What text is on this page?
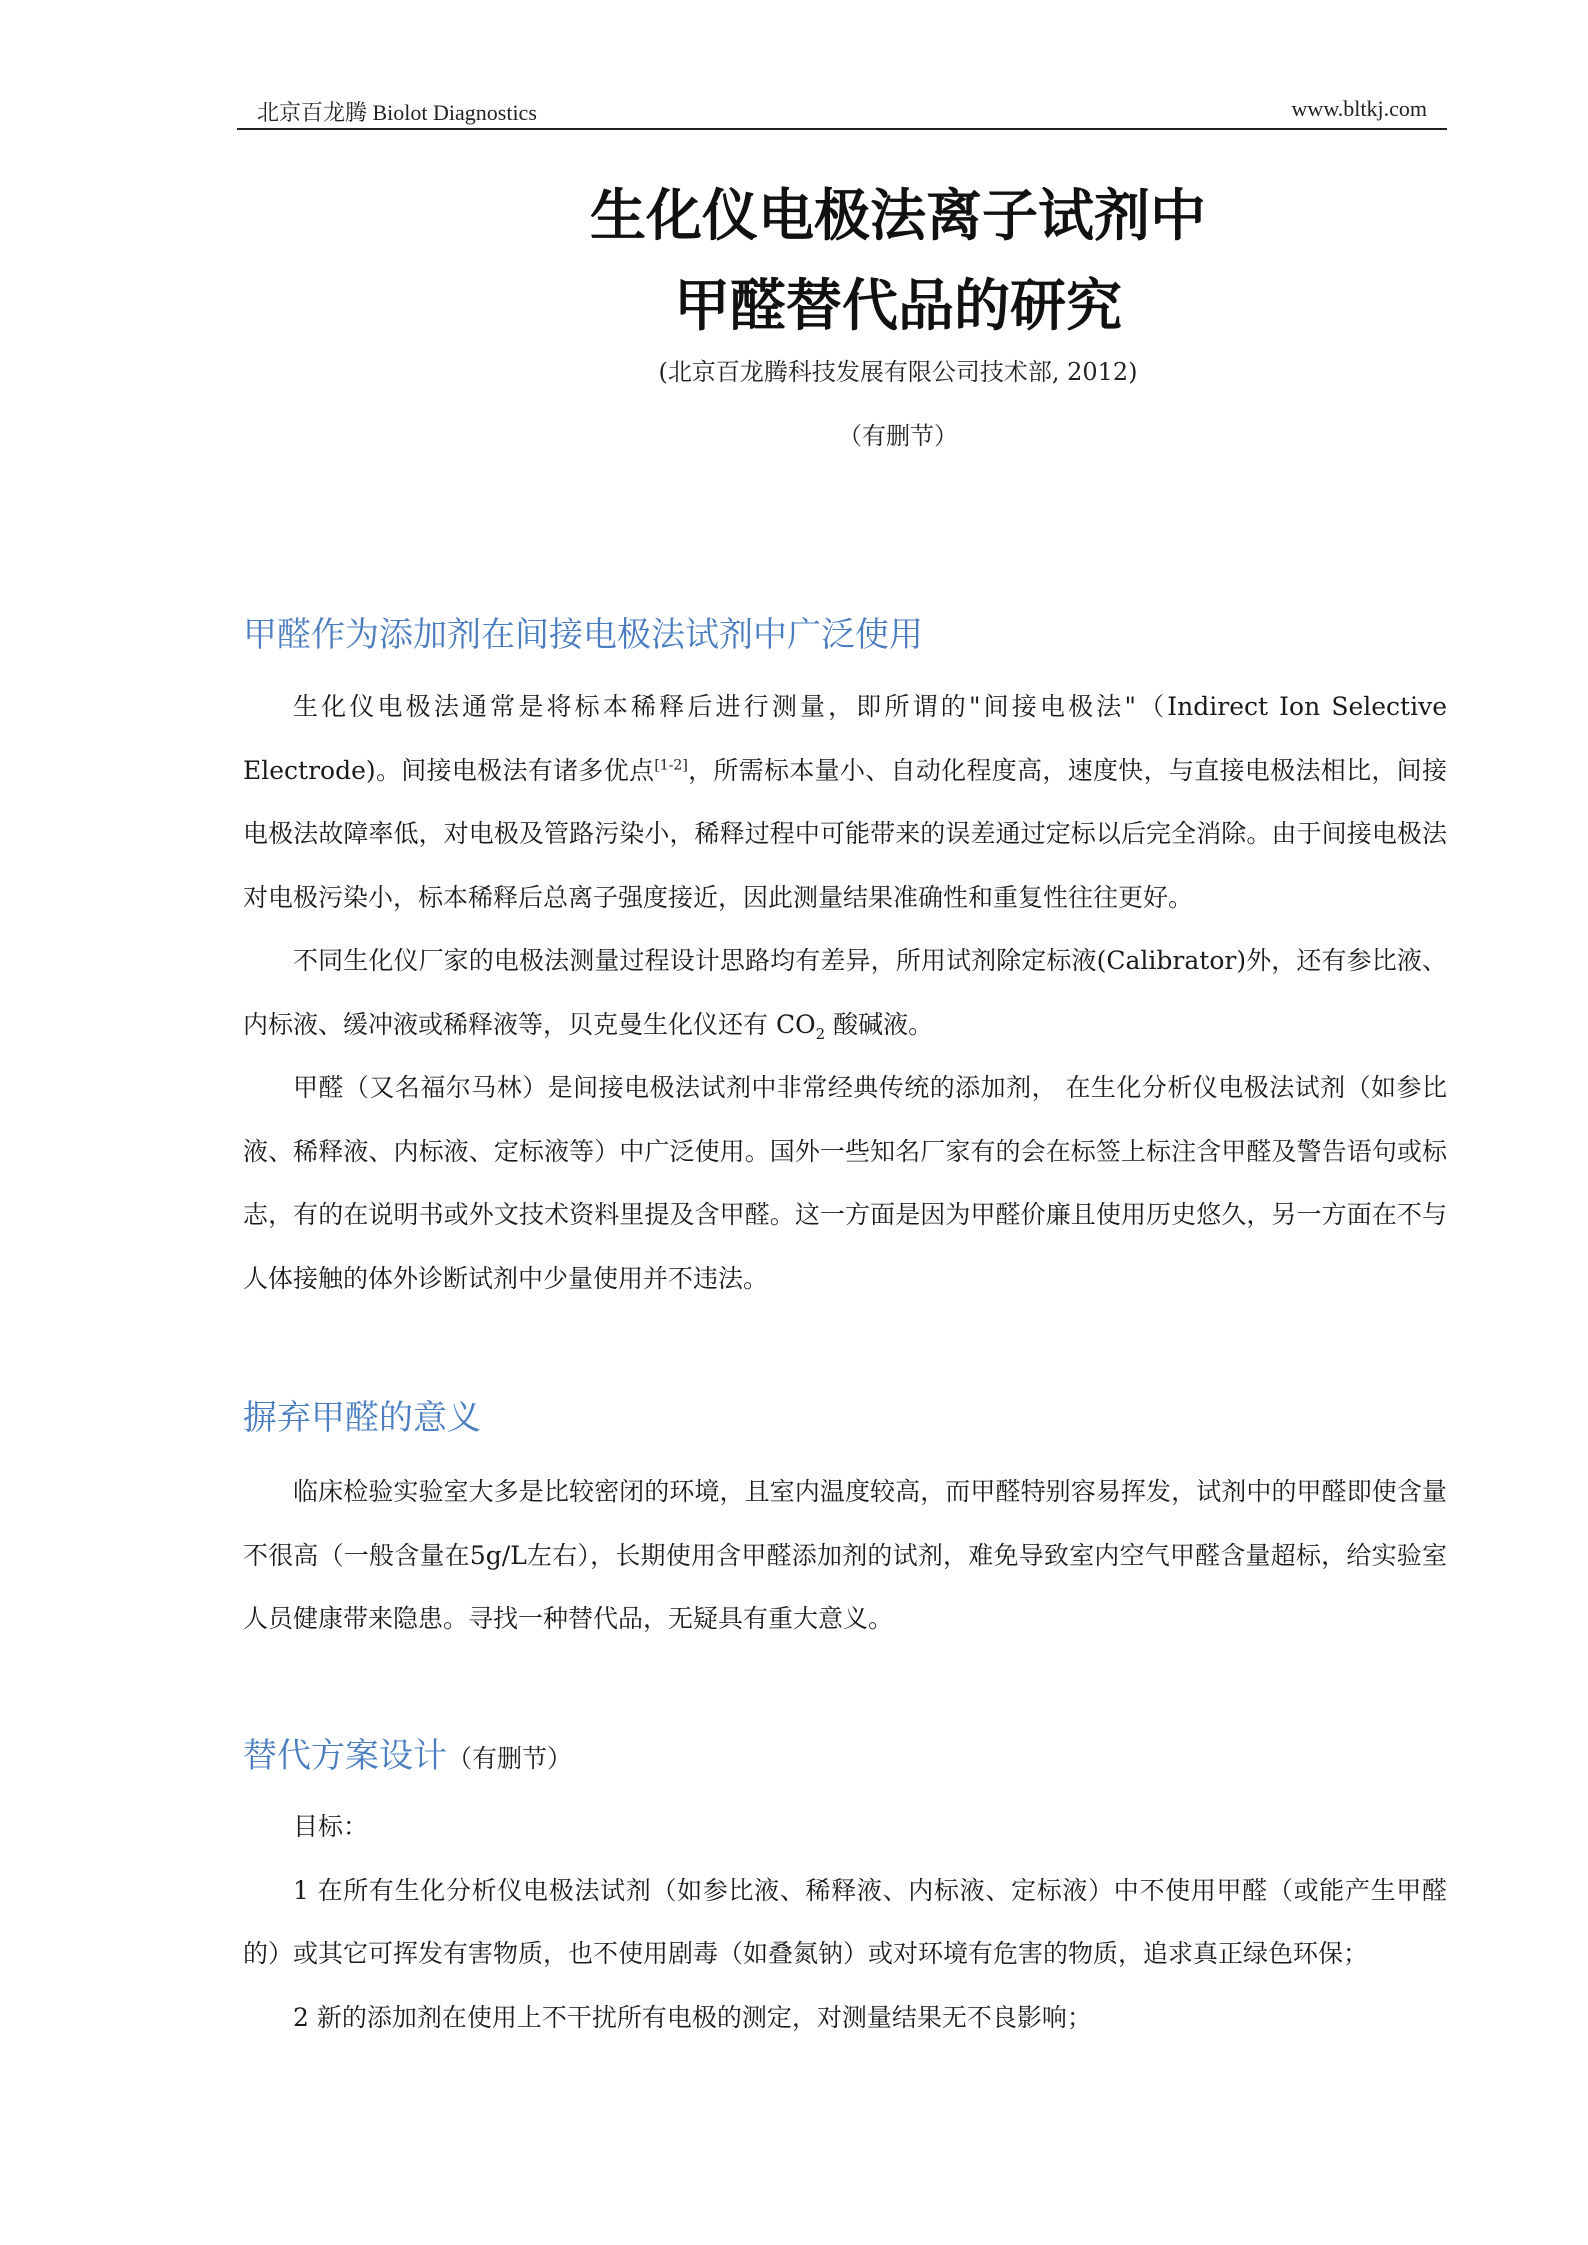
北京百龙腾 Biolot Diagnostics	www.bltkj.com
生化仪电极法离子试剂中
甲醛替代品的研究
(北京百龙腾科技发展有限公司技术部, 2012)
（有删节）
甲醛作为添加剂在间接电极法试剂中广泛使用

生化仪电极法通常是将标本稀释后进行测量，即所谓的"间接电极法"（Indirect Ion Selective Electrode)。间接电极法有诸多优点[1-2]，所需标本量小、自动化程度高，速度快，与直接电极法相比，间接电极法故障率低，对电极及管路污染小，稀释过程中可能带来的误差通过定标以后完全消除。由于间接电极法对电极污染小，标本稀释后总离子强度接近，因此测量结果准确性和重复性往往更好。

不同生化仪厂家的电极法测量过程设计思路均有差异，所用试剂除定标液(Calibrator)外，还有参比液、内标液、缓冲液或稀释液等，贝克曼生化仪还有 $CO_2$ 酸碱液。

甲醛（又名福尔马林）是间接电极法试剂中非常经典传统的添加剂， 在生化分析仪电极法试剂（如参比液、稀释液、内标液、定标液等）中广泛使用。国外一些知名厂家有的会在标签上标注含甲醛及警告语句或标志，有的在说明书或外文技术资料里提及含甲醛。这一方面是因为甲醛价廉且使用历史悠久，另一方面在不与人体接触的体外诊断试剂中少量使用并不违法。

摒弃甲醛的意义

临床检验实验室大多是比较密闭的环境，且室内温度较高，而甲醛特别容易挥发，试剂中的甲醛即使含量不很高（一般含量在5g/L左右），长期使用含甲醛添加剂的试剂，难免导致室内空气甲醛含量超标，给实验室人员健康带来隐患。寻找一种替代品，无疑具有重大意义。

替代方案设计（有删节）

目标：

1 在所有生化分析仪电极法试剂（如参比液、稀释液、内标液、定标液）中不使用甲醛（或能产生甲醛的）或其它可挥发有害物质，也不使用剧毒（如叠氮钠）或对环境有危害的物质，追求真正绿色环保；

2 新的添加剂在使用上不干扰所有电极的测定，对测量结果无不良影响；
